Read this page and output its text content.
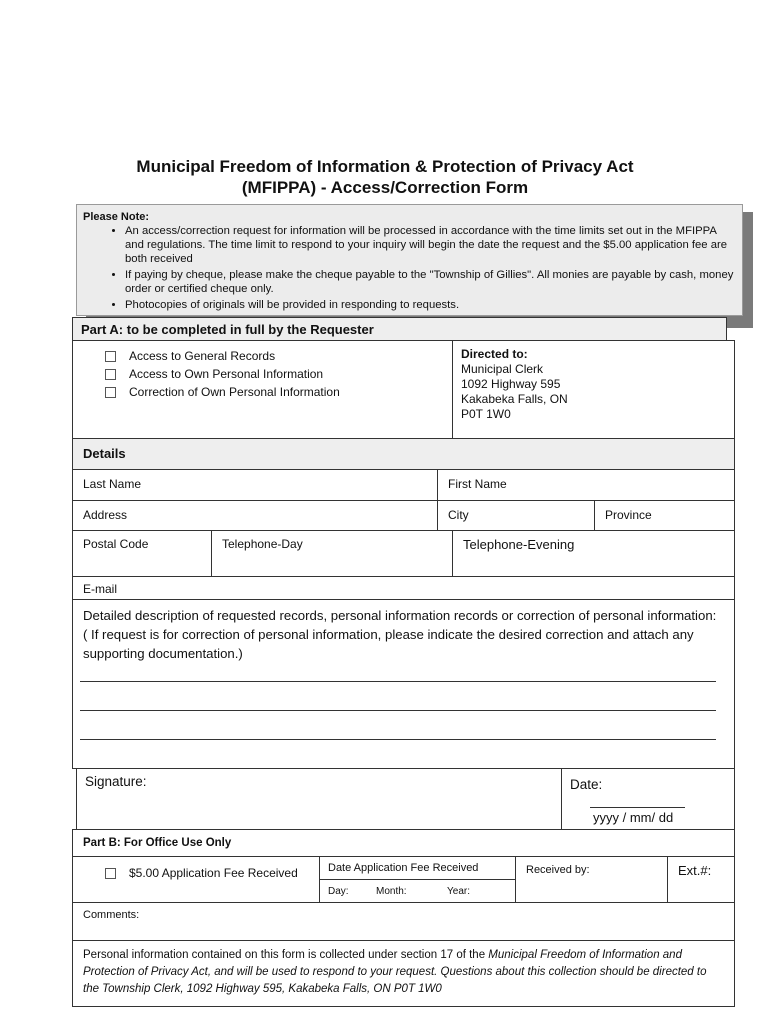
Municipal Freedom of Information & Protection of Privacy Act
(MFIPPA) - Access/Correction Form
Please Note:
• An access/correction request for information will be processed in accordance with the time limits set out in the MFIPPA and regulations. The time limit to respond to your inquiry will begin the date the request and the $5.00 application fee are both received
• If paying by cheque, please make the cheque payable to the "Township of Gillies". All monies are payable by cash, money order or certified cheque only.
• Photocopies of originals will be provided in responding to requests.
Part A: to be completed in full by the Requester
Access to General Records
Access to Own Personal Information
Correction of Own Personal Information
Directed to:
Municipal Clerk
1092 Highway 595
Kakabeka Falls, ON
P0T 1W0
Details
Last Name	First Name
Address	City	Province
Postal Code	Telephone-Day	Telephone-Evening
E-mail
Detailed description of requested records, personal information records or correction of personal information: ( If request is for correction of personal information, please indicate the desired correction and attach any supporting documentation.)
Signature:	Date:
yyyy / mm/ dd
Part B: For Office Use Only
$5.00 Application Fee Received	Date Application Fee Received
Day:	Month:	Year:
Received by:	Ext.#:
Comments:
Personal information contained on this form is collected under section 17 of the Municipal Freedom of Information and Protection of Privacy Act, and will be used to respond to your request. Questions about this collection should be directed to the Township Clerk, 1092 Highway 595, Kakabeka Falls, ON P0T 1W0
